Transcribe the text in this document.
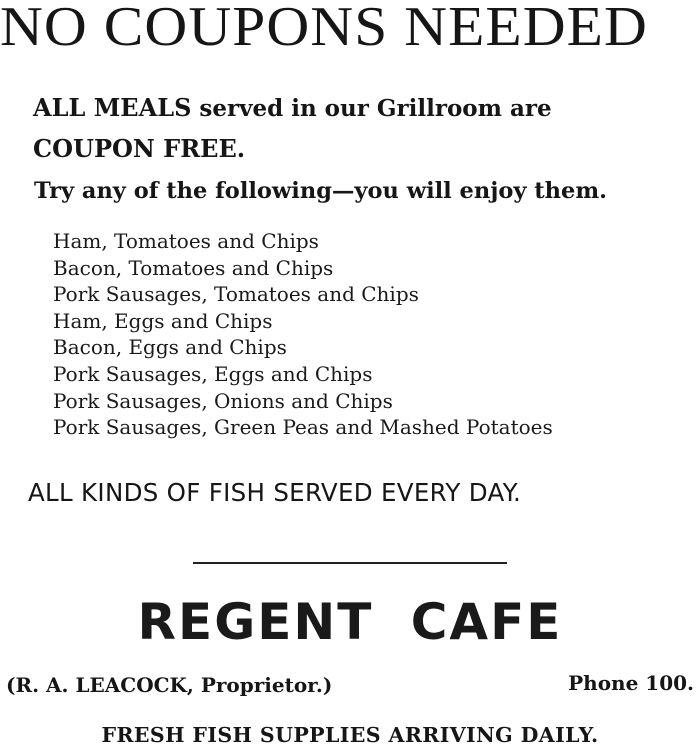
NO COUPONS NEEDED
ALL MEALS served in our Grillroom are
COUPON FREE.
Try any of the following—you will enjoy them.
Ham, Tomatoes and Chips
Bacon, Tomatoes and Chips
Pork Sausages, Tomatoes and Chips
Ham, Eggs and Chips
Bacon, Eggs and Chips
Pork Sausages, Eggs and Chips
Pork Sausages, Onions and Chips
Pork Sausages, Green Peas and Mashed Potatoes
ALL KINDS OF FISH SERVED EVERY DAY.
REGENT CAFE
(R. A. LEACOCK, Proprietor.)	Phone 100.
FRESH FISH SUPPLIES ARRIVING DAILY.
